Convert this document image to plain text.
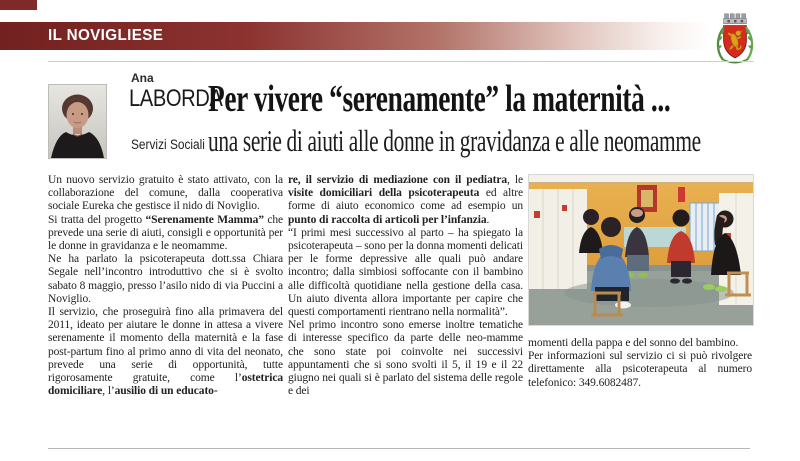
IL NOVIGLIESE
Ana
LABORDA
Servizi Sociali
Per vivere “serenamente” la maternità ...
una serie di aiuti alle donne in gravidanza e alle neomamme

Un nuovo servizio gratuito è stato attivato, con la collaborazione del comune, dalla cooperativa sociale Eureka che gestisce il nido di Noviglio.

Si tratta del progetto “Serenamente Mamma” che prevede una serie di aiuti, consigli e opportunità per le donne in gravidanza e le neomamme.

Ne ha parlato la psicoterapeuta dott.ssa Chiara Segale nell’incontro introduttivo che si è svolto sabato 8 maggio, presso l’asilo nido di via Puccini a Noviglio.

Il servizio, che proseguirà fino alla primavera del 2011, ideato per aiutare le donne in attesa a vivere serenamente il momento della maternità e la fase post-partum fino al primo anno di vita del neonato, prevede una serie di opportunità, tutte rigorosamente gratuite, come l’ostetrica domiciliare, l’ausilio di un educato-

re, il servizio di mediazione con il pediatra, le visite domiciliari della psicoterapeuta ed altre forme di aiuto economico come ad esempio un punto di raccolta di articoli per l’infanzia.

“I primi mesi successivo al parto – ha spiegato la psicoterapeuta – sono per la donna momenti delicati per le forme depressive alle quali può andare incontro; dalla simbiosi soffocante con il bambino alle difficoltà quotidiane nella gestione della casa. Un aiuto diventa allora importante per capire che questi comportamenti rientrano nella normalità”.

Nel primo incontro sono emerse inoltre tematiche di interesse specifico da parte delle neo-mamme che sono state poi coinvolte nei successivi appuntamenti che si sono svolti il 5, il 19 e il 22 giugno nei quali si è parlato del sistema delle regole e dei

momenti della pappa e del sonno del bambino.

Per informazioni sul servizio ci si può rivolgere direttamente alla psicoterapeuta al numero telefonico: 349.6082487.
